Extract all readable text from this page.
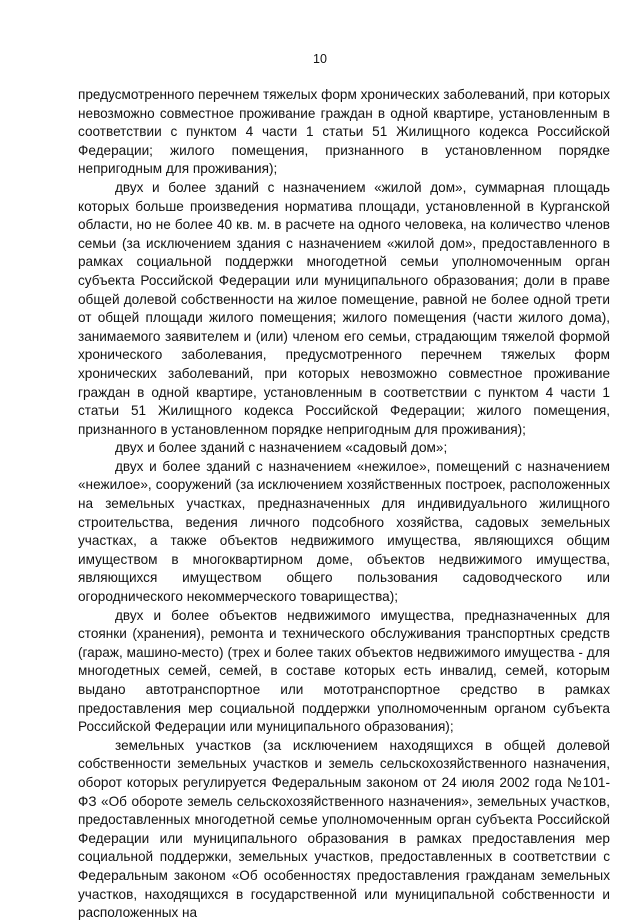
10

предусмотренного перечнем тяжелых форм хронических заболеваний, при которых невозможно совместное проживание граждан в одной квартире, установленным в соответствии с пунктом 4 части 1 статьи 51 Жилищного кодекса Российской Федерации; жилого помещения, признанного в установленном порядке непригодным для проживания);

двух и более зданий с назначением «жилой дом», суммарная площадь которых больше произведения норматива площади, установленной в Курганской области, но не более 40 кв. м. в расчете на одного человека, на количество членов семьи (за исключением здания с назначением «жилой дом», предоставленного в рамках социальной поддержки многодетной семьи уполномоченным орган субъекта Российской Федерации или муниципального образования; доли в праве общей долевой собственности на жилое помещение, равной не более одной трети от общей площади жилого помещения; жилого помещения (части жилого дома), занимаемого заявителем и (или) членом его семьи, страдающим тяжелой формой хронического заболевания, предусмотренного перечнем тяжелых форм хронических заболеваний, при которых невозможно совместное проживание граждан в одной квартире, установленным в соответствии с пунктом 4 части 1 статьи 51 Жилищного кодекса Российской Федерации; жилого помещения, признанного в установленном порядке непригодным для проживания);

двух и более зданий с назначением «садовый дом»;

двух и более зданий с назначением «нежилое», помещений с назначением «нежилое», сооружений (за исключением хозяйственных построек, расположенных на земельных участках, предназначенных для индивидуального жилищного строительства, ведения личного подсобного хозяйства, садовых земельных участках, а также объектов недвижимого имущества, являющихся общим имуществом в многоквартирном доме, объектов недвижимого имущества, являющихся имуществом общего пользования садоводческого или огороднического некоммерческого товарищества);

двух и более объектов недвижимого имущества, предназначенных для стоянки (хранения), ремонта и технического обслуживания транспортных средств (гараж, машино-место) (трех и более таких объектов недвижимого имущества - для многодетных семей, семей, в составе которых есть инвалид, семей, которым выдано автотранспортное или мототранспортное средство в рамках предоставления мер социальной поддержки уполномоченным органом субъекта Российской Федерации или муниципального образования);

земельных участков (за исключением находящихся в общей долевой собственности земельных участков и земель сельскохозяйственного назначения, оборот которых регулируется Федеральным законом от 24 июля 2002 года №101-ФЗ «Об обороте земель сельскохозяйственного назначения», земельных участков, предоставленных многодетной семье уполномоченным орган субъекта Российской Федерации или муниципального образования в рамках предоставления мер социальной поддержки, земельных участков, предоставленных в соответствии с Федеральным законом «Об особенностях предоставления гражданам земельных участков, находящихся в государственной или муниципальной собственности и расположенных на
